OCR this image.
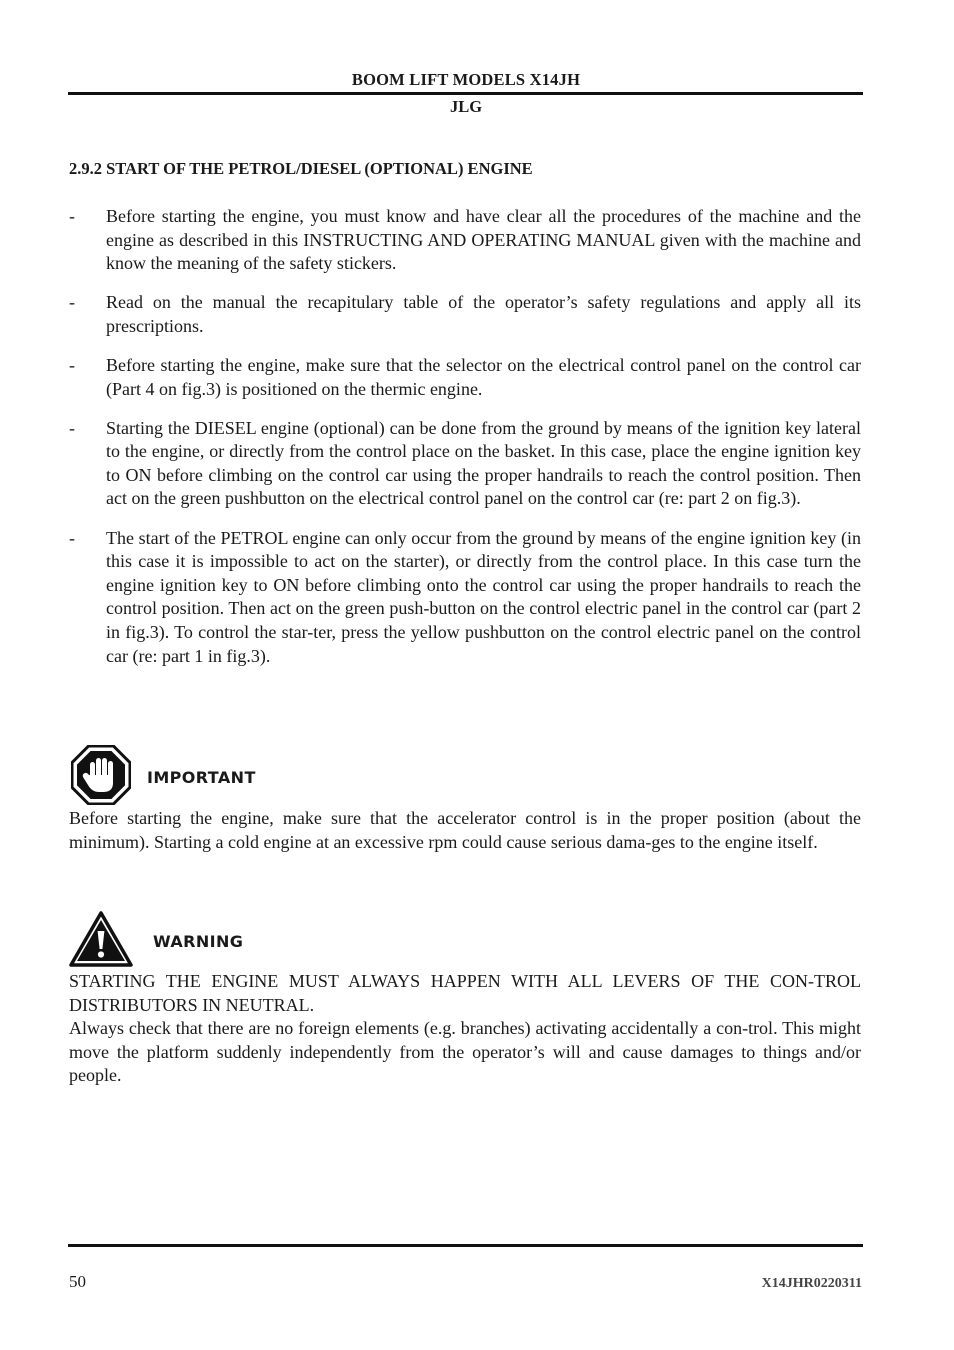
BOOM LIFT MODELS X14JH
JLG
2.9.2 START OF THE PETROL/DIESEL (OPTIONAL) ENGINE
- Before starting the engine, you must know and have clear all the procedures of the machine and the engine as described in this INSTRUCTING AND OPERATING MANUAL given with the machine and know the meaning of the safety stickers.
- Read on the manual the recapitulary table of the operator’s safety regulations and apply all its prescriptions.
- Before starting the engine, make sure that the selector on the electrical control panel on the control car (Part 4 on fig.3) is positioned on the thermic engine.
- Starting the DIESEL engine (optional) can be done from the ground by means of the ignition key lateral to the engine, or directly from the control place on the basket. In this case, place the engine ignition key to ON before climbing on the control car using the proper handrails to reach the control position. Then act on the green pushbutton on the electrical control panel on the control car (re: part 2 on fig.3).
- The start of the PETROL engine can only occur from the ground by means of the engine ignition key (in this case it is impossible to act on the starter), or directly from the control place. In this case turn the engine ignition key to ON before climbing onto the control car using the proper handrails to reach the control position. Then act on the green push-button on the control electric panel in the control car (part 2 in fig.3). To control the star-ter, press the yellow pushbutton on the control electric panel on the control car (re: part 1 in fig.3).
IMPORTANT

Before starting the engine, make sure that the accelerator control is in the proper position (about the minimum). Starting a cold engine at an excessive rpm could cause serious dama-ges to the engine itself.

WARNING

STARTING THE ENGINE MUST ALWAYS HAPPEN WITH ALL LEVERS OF THE CON-TROL DISTRIBUTORS IN NEUTRAL.

Always check that there are no foreign elements (e.g. branches) activating accidentally a con-trol. This might move the platform suddenly independently from the operator’s will and cause damages to things and/or people.

50	X14JHR0220311
